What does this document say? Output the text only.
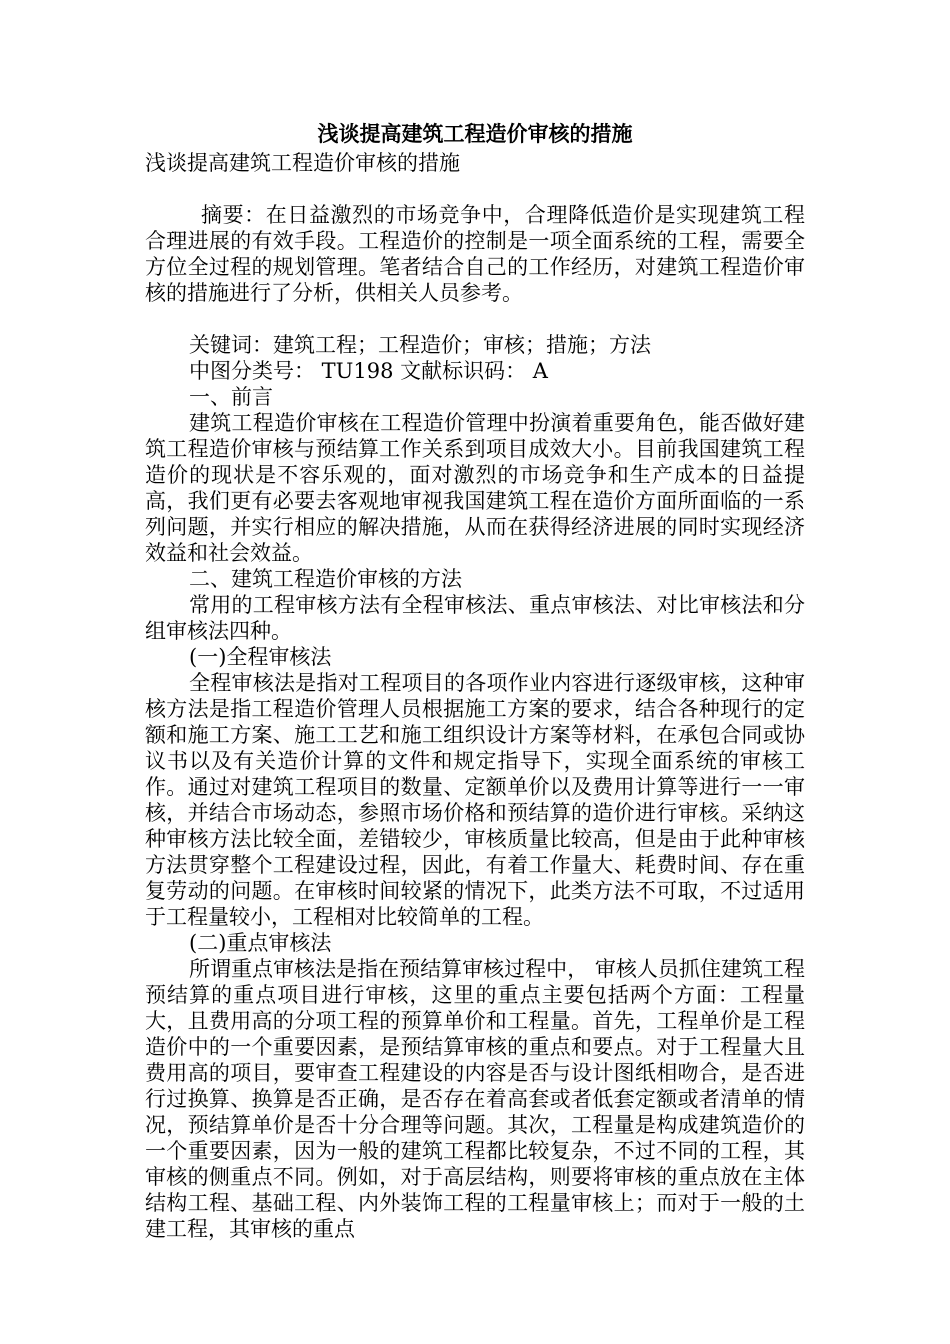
浅谈提高建筑工程造价审核的措施

浅谈提高建筑工程造价审核的措施

摘要：在日益激烈的市场竞争中，合理降低造价是实现建筑工程合理进展的有效手段。工程造价的控制是一项全面系统的工程，需要全方位全过程的规划管理。笔者结合自己的工作经历，对建筑工程造价审核的措施进行了分析，供相关人员参考。

关键词：建筑工程；工程造价；审核；措施；方法

中图分类号： TU198 文献标识码： A

一、前言

建筑工程造价审核在工程造价管理中扮演着重要角色，能否做好建筑工程造价审核与预结算工作关系到项目成效大小。目前我国建筑工程造价的现状是不容乐观的，面对激烈的市场竞争和生产成本的日益提高，我们更有必要去客观地审视我国建筑工程在造价方面所面临的一系列问题，并实行相应的解决措施，从而在获得经济进展的同时实现经济效益和社会效益。

二、建筑工程造价审核的方法

常用的工程审核方法有全程审核法、重点审核法、对比审核法和分组审核法四种。

(一)全程审核法

全程审核法是指对工程项目的各项作业内容进行逐级审核，这种审核方法是指工程造价管理人员根据施工方案的要求，结合各种现行的定额和施工方案、施工工艺和施工组织设计方案等材料，在承包合同或协议书以及有关造价计算的文件和规定指导下，实现全面系统的审核工作。通过对建筑工程项目的数量、定额单价以及费用计算等进行一一审核，并结合市场动态，参照市场价格和预结算的造价进行审核。采纳这种审核方法比较全面，差错较少，审核质量比较高，但是由于此种审核方法贯穿整个工程建设过程，因此，有着工作量大、耗费时间、存在重复劳动的问题。在审核时间较紧的情况下，此类方法不可取，不过适用于工程量较小，工程相对比较简单的工程。

(二)重点审核法

所谓重点审核法是指在预结算审核过程中， 审核人员抓住建筑工程预结算的重点项目进行审核，这里的重点主要包括两个方面：工程量大，且费用高的分项工程的预算单价和工程量。首先，工程单价是工程造价中的一个重要因素，是预结算审核的重点和要点。对于工程量大且费用高的项目，要审查工程建设的内容是否与设计图纸相吻合，是否进行过换算、换算是否正确，是否存在着高套或者低套定额或者清单的情况，预结算单价是否十分合理等问题。其次，工程量是构成建筑造价的一个重要因素，因为一般的建筑工程都比较复杂，不过不同的工程，其审核的侧重点不同。例如，对于高层结构，则要将审核的重点放在主体结构工程、基础工程、内外装饰工程的工程量审核上；而对于一般的土建工程，其审核的重点
